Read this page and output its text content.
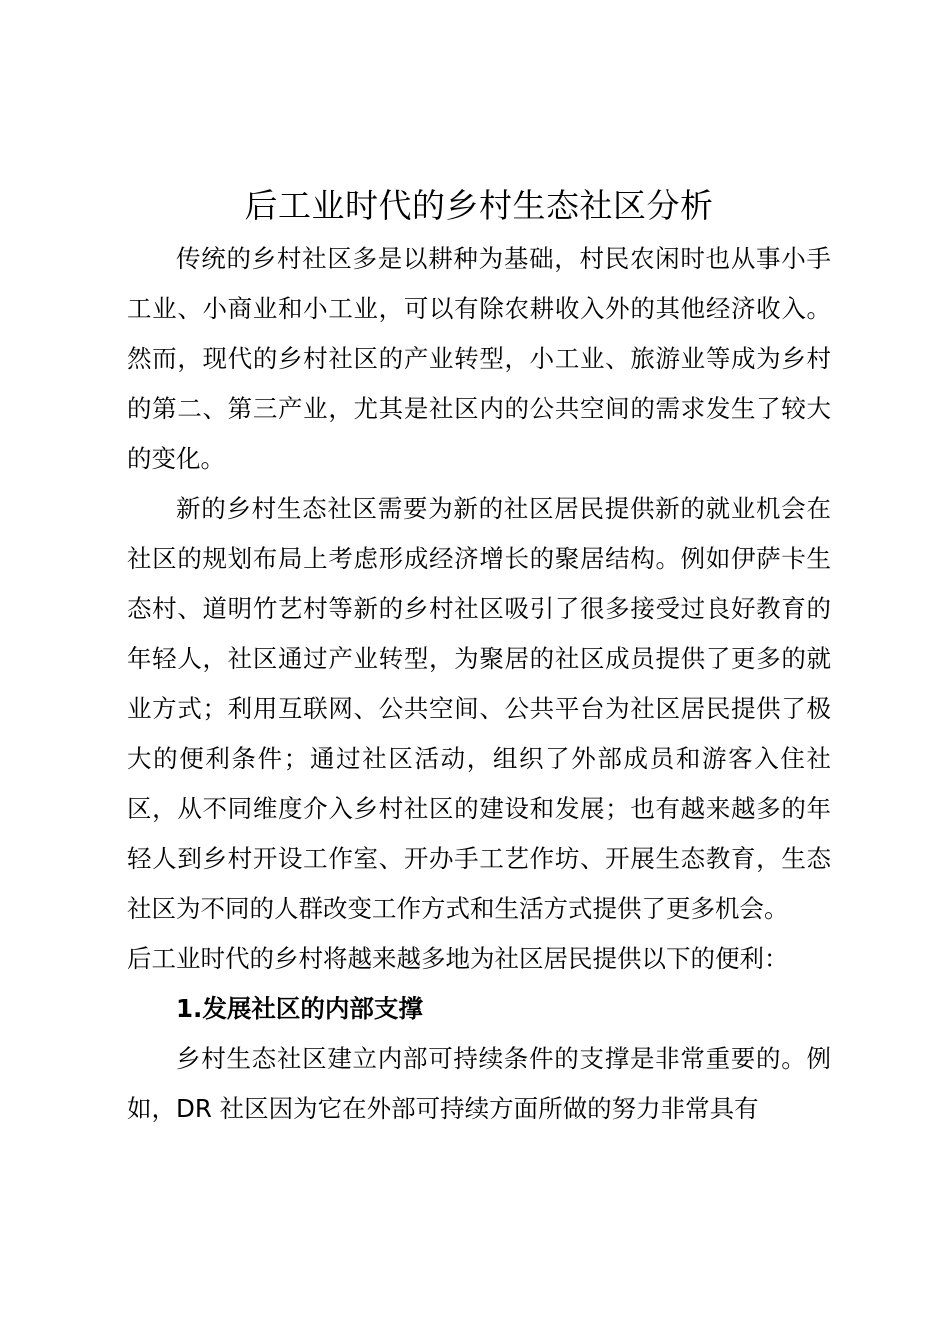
后工业时代的乡村生态社区分析

传统的乡村社区多是以耕种为基础，村民农闲时也从事小手工业、小商业和小工业，可以有除农耕收入外的其他经济收入。然而，现代的乡村社区的产业转型，小工业、旅游业等成为乡村的第二、第三产业，尤其是社区内的公共空间的需求发生了较大的变化。

新的乡村生态社区需要为新的社区居民提供新的就业机会在社区的规划布局上考虑形成经济增长的聚居结构。例如伊萨卡生态村、道明竹艺村等新的乡村社区吸引了很多接受过良好教育的年轻人，社区通过产业转型，为聚居的社区成员提供了更多的就业方式；利用互联网、公共空间、公共平台为社区居民提供了极大的便利条件；通过社区活动，组织了外部成员和游客入住社区，从不同维度介入乡村社区的建设和发展；也有越来越多的年轻人到乡村开设工作室、开办手工艺作坊、开展生态教育，生态社区为不同的人群改变工作方式和生活方式提供了更多机会。

后工业时代的乡村将越来越多地为社区居民提供以下的便利：

1.发展社区的内部支撑

乡村生态社区建立内部可持续条件的支撑是非常重要的。例如，DR 社区因为它在外部可持续方面所做的努力非常具有
